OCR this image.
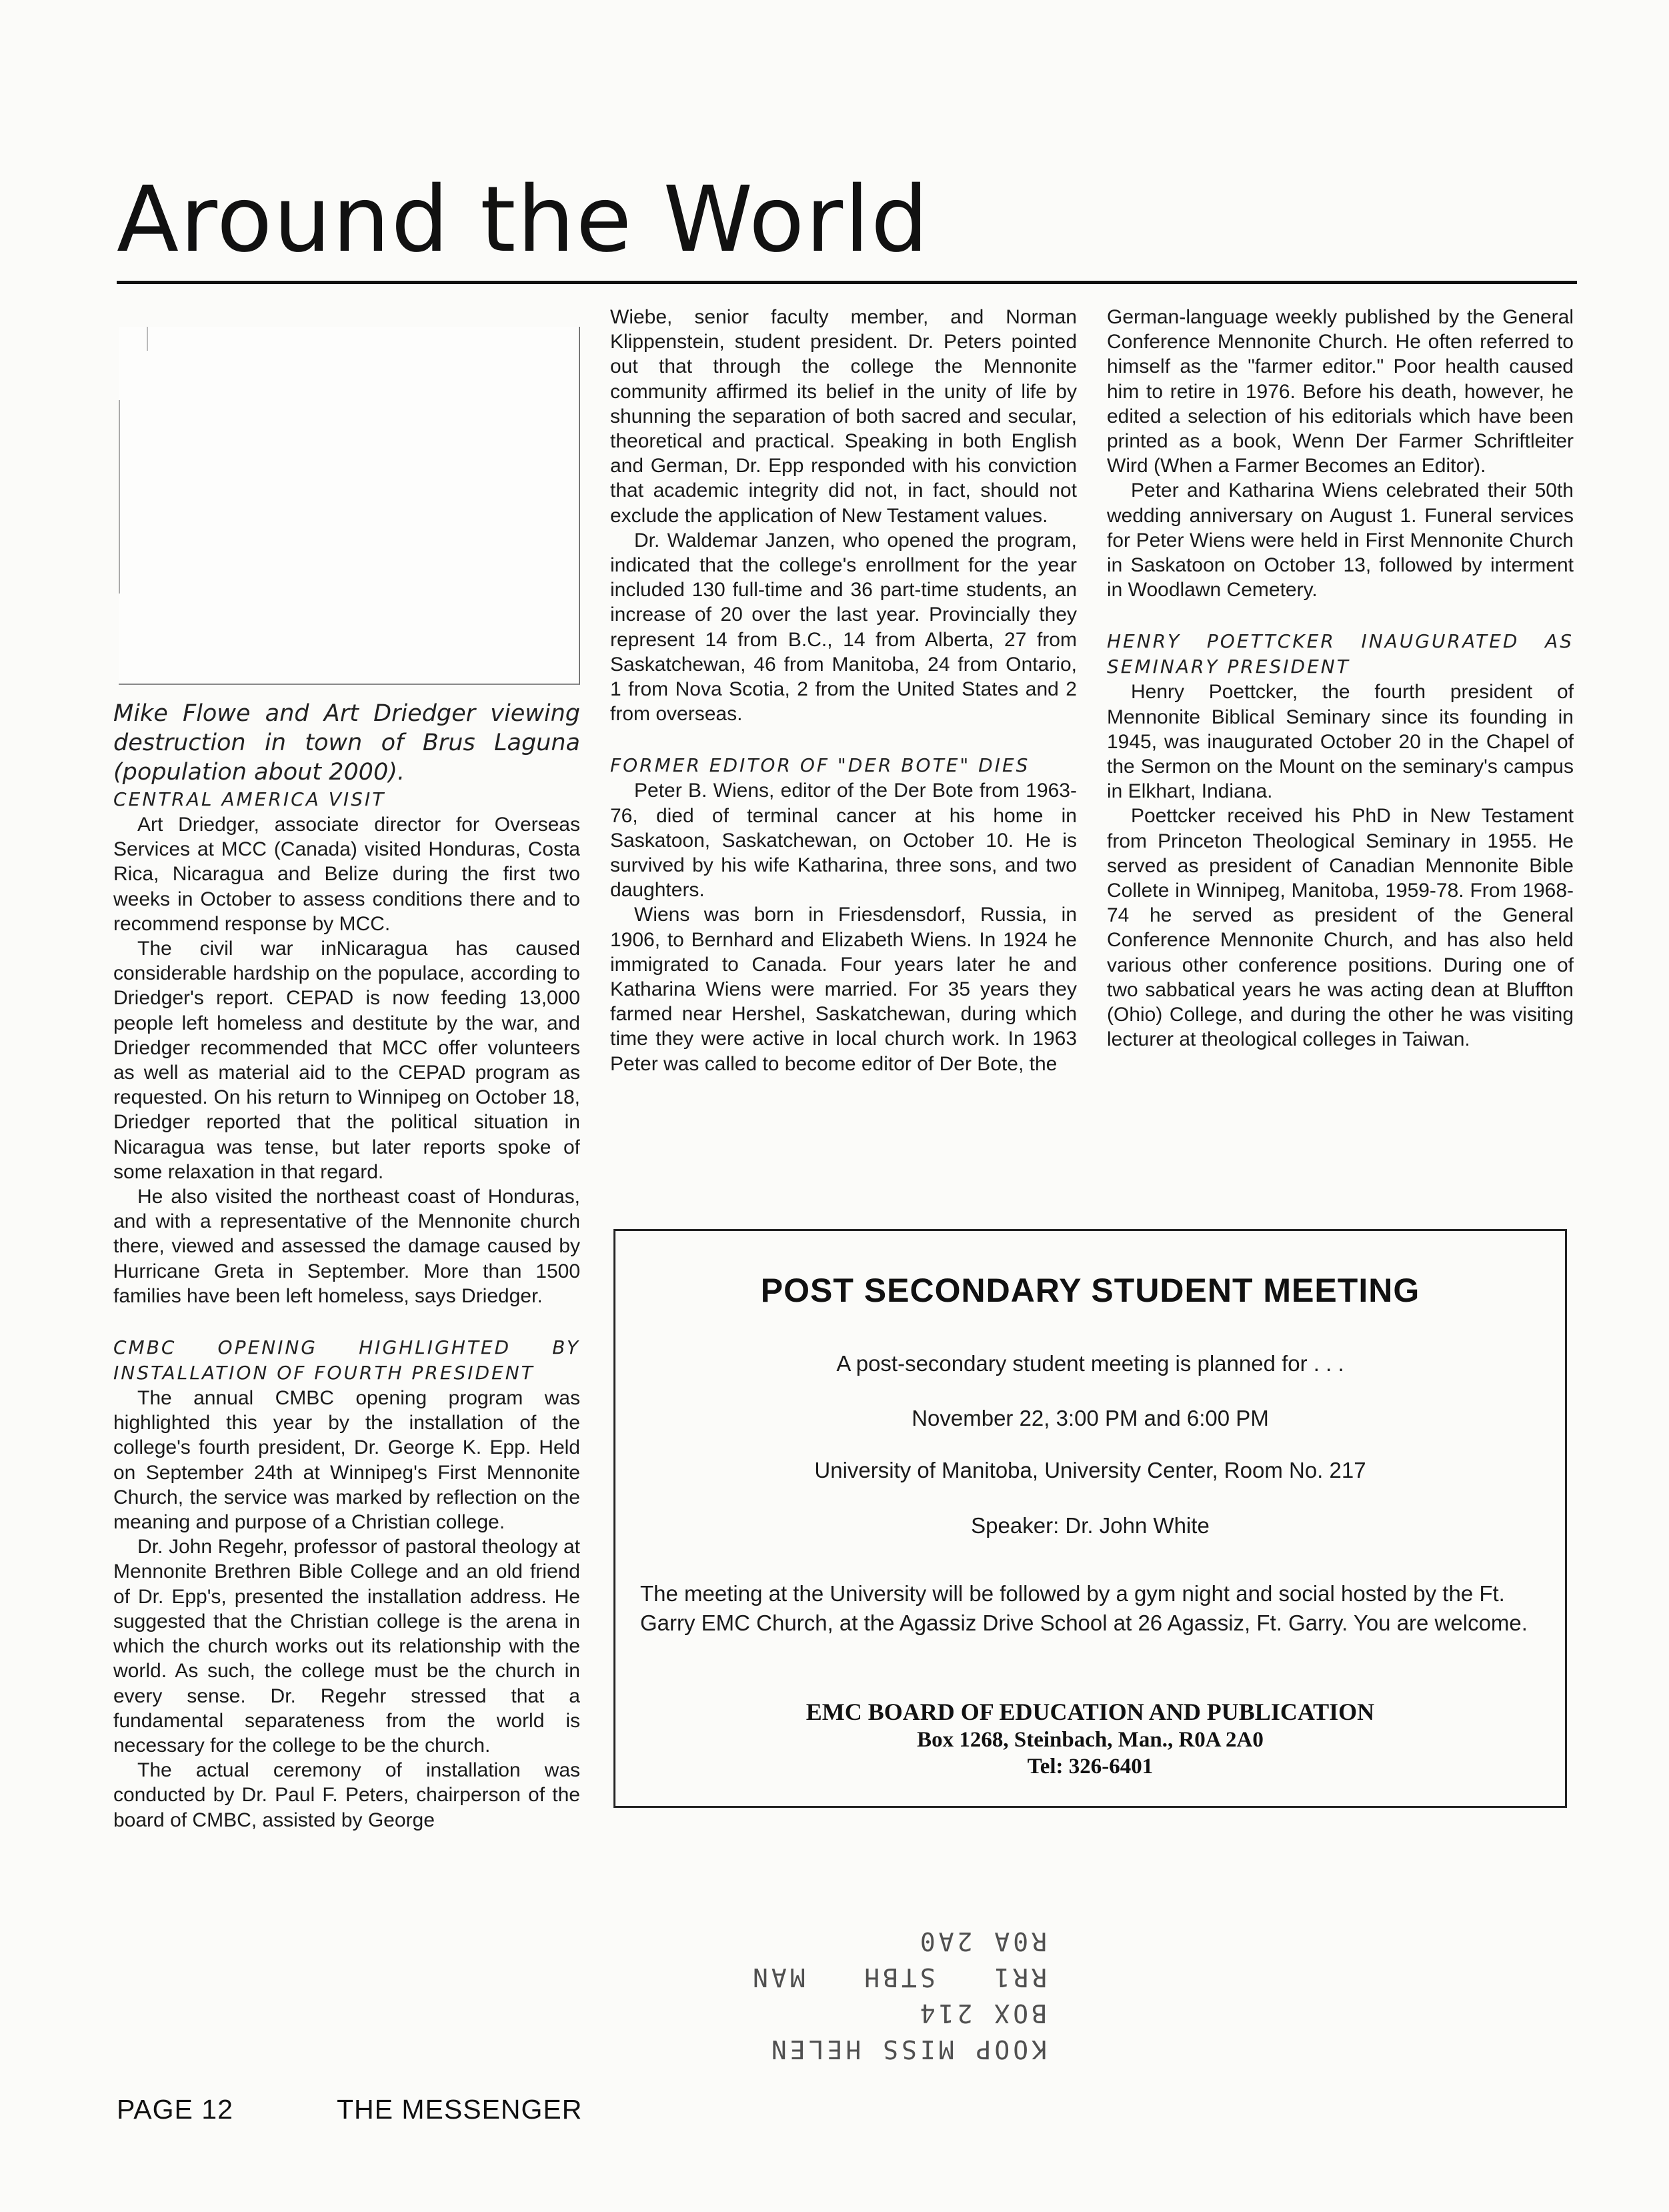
Around the World

Mike Flowe and Art Driedger viewing destruction in town of Brus Laguna (population about 2000).

CENTRAL AMERICA VISIT

Art Driedger, associate director for Overseas Services at MCC (Canada) visited Honduras, Costa Rica, Nicaragua and Belize during the first two weeks in October to assess conditions there and to recommend response by MCC.

The civil war inNicaragua has caused considerable hardship on the populace, according to Driedger's report. CEPAD is now feeding 13,000 people left homeless and destitute by the war, and Driedger recommended that MCC offer volunteers as well as material aid to the CEPAD program as requested. On his return to Winnipeg on October 18, Driedger reported that the political situation in Nicaragua was tense, but later reports spoke of some relaxation in that regard.

He also visited the northeast coast of Honduras, and with a representative of the Mennonite church there, viewed and assessed the damage caused by Hurricane Greta in September. More than 1500 families have been left homeless, says Driedger.

CMBC OPENING HIGHLIGHTED BY INSTALLATION OF FOURTH PRESIDENT

The annual CMBC opening program was highlighted this year by the installation of the college's fourth president, Dr. George K. Epp. Held on September 24th at Winnipeg's First Mennonite Church, the service was marked by reflection on the meaning and purpose of a Christian college.

Dr. John Regehr, professor of pastoral theology at Mennonite Brethren Bible College and an old friend of Dr. Epp's, presented the installation address. He suggested that the Christian college is the arena in which the church works out its relationship with the world. As such, the college must be the church in every sense. Dr. Regehr stressed that a fundamental separateness from the world is necessary for the college to be the church.

The actual ceremony of installation was conducted by Dr. Paul F. Peters, chairperson of the board of CMBC, assisted by George

Wiebe, senior faculty member, and Norman Klippenstein, student president. Dr. Peters pointed out that through the college the Mennonite community affirmed its belief in the unity of life by shunning the separation of both sacred and secular, theoretical and practical. Speaking in both English and German, Dr. Epp responded with his conviction that academic integrity did not, in fact, should not exclude the application of New Testament values.

Dr. Waldemar Janzen, who opened the program, indicated that the college's enrollment for the year included 130 full-time and 36 part-time students, an increase of 20 over the last year. Provincially they represent 14 from B.C., 14 from Alberta, 27 from Saskatchewan, 46 from Manitoba, 24 from Ontario, 1 from Nova Scotia, 2 from the United States and 2 from overseas.

FORMER EDITOR OF "DER BOTE" DIES

Peter B. Wiens, editor of the Der Bote from 1963-76, died of terminal cancer at his home in Saskatoon, Saskatchewan, on October 10. He is survived by his wife Katharina, three sons, and two daughters.

Wiens was born in Friesdensdorf, Russia, in 1906, to Bernhard and Elizabeth Wiens. In 1924 he immigrated to Canada. Four years later he and Katharina Wiens were married. For 35 years they farmed near Hershel, Saskatchewan, during which time they were active in local church work. In 1963 Peter was called to become editor of Der Bote, the

German-language weekly published by the General Conference Mennonite Church. He often referred to himself as the "farmer editor." Poor health caused him to retire in 1976. Before his death, however, he edited a selection of his editorials which have been printed as a book, Wenn Der Farmer Schriftleiter Wird (When a Farmer Becomes an Editor).

Peter and Katharina Wiens celebrated their 50th wedding anniversary on August 1. Funeral services for Peter Wiens were held in First Mennonite Church in Saskatoon on October 13, followed by interment in Woodlawn Cemetery.

HENRY POETTCKER INAUGURATED AS SEMINARY PRESIDENT

Henry Poettcker, the fourth president of Mennonite Biblical Seminary since its founding in 1945, was inaugurated October 20 in the Chapel of the Sermon on the Mount on the seminary's campus in Elkhart, Indiana.

Poettcker received his PhD in New Testament from Princeton Theological Seminary in 1955. He served as president of Canadian Mennonite Bible Collete in Winnipeg, Manitoba, 1959-78. From 1968-74 he served as president of the General Conference Mennonite Church, and has also held various other conference positions. During one of two sabbatical years he was acting dean at Bluffton (Ohio) College, and during the other he was visiting lecturer at theological colleges in Taiwan.

POST SECONDARY STUDENT MEETING
A post-secondary student meeting is planned for . . .
November 22, 3:00 PM and 6:00 PM
University of Manitoba, University Center, Room No. 217
Speaker: Dr. John White
The meeting at the University will be followed by a gym night and social hosted by the Ft. Garry EMC Church, at the Agassiz Drive School at 26 Agassiz, Ft. Garry. You are welcome.
EMC BOARD OF EDUCATION AND PUBLICATION
Box 1268, Steinbach, Man., R0A 2A0
Tel: 326-6401
KOOP MISS HELEN
BOX 214
RR1   STBH   MAN
R0A 2A0
PAGE 12	THE MESSENGER
